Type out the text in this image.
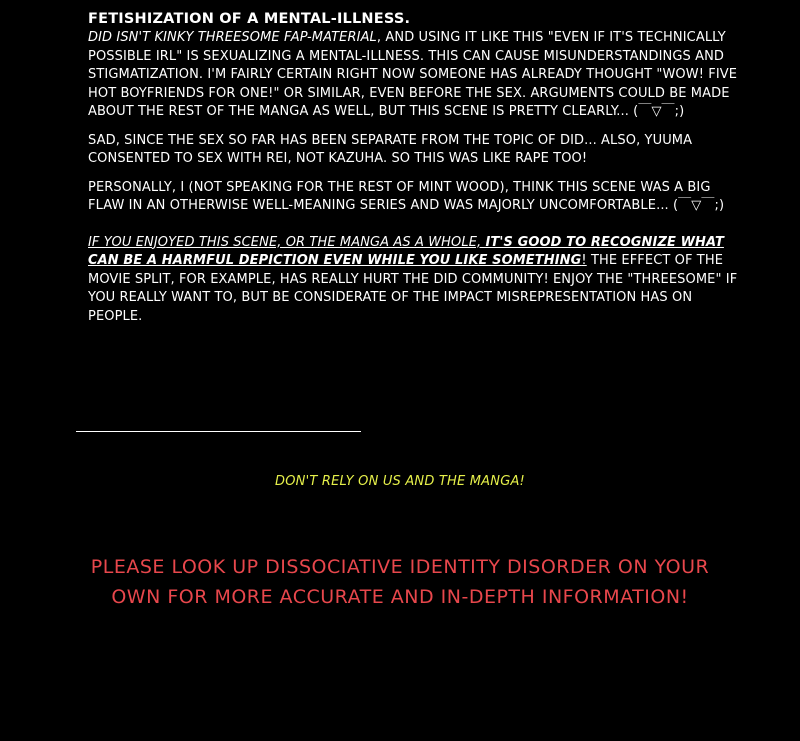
FETISHIZATION OF A MENTAL-ILLNESS.

DID ISN'T KINKY THREESOME FAP-MATERIAL, AND USING IT LIKE THIS "EVEN IF IT'S TECHNICALLY POSSIBLE IRL" IS SEXUALIZING A MENTAL-ILLNESS. THIS CAN CAUSE MISUNDERSTANDINGS AND STIGMATIZATION. I'M FAIRLY CERTAIN RIGHT NOW SOMEONE HAS ALREADY THOUGHT "WOW! FIVE HOT BOYFRIENDS FOR ONE!" OR SIMILAR, EVEN BEFORE THE SEX. ARGUMENTS COULD BE MADE ABOUT THE REST OF THE MANGA AS WELL, BUT THIS SCENE IS PRETTY CLEARLY... (￣▽￣;)

SAD, SINCE THE SEX SO FAR HAS BEEN SEPARATE FROM THE TOPIC OF DID... ALSO, YUUMA CONSENTED TO SEX WITH REI, NOT KAZUHA. SO THIS WAS LIKE RAPE TOO!

PERSONALLY, I (NOT SPEAKING FOR THE REST OF MINT WOOD), THINK THIS SCENE WAS A BIG FLAW IN AN OTHERWISE WELL-MEANING SERIES AND WAS MAJORLY UNCOMFORTABLE... (￣▽￣;)

IF YOU ENJOYED THIS SCENE, OR THE MANGA AS A WHOLE, IT'S GOOD TO RECOGNIZE WHAT CAN BE A HARMFUL DEPICTION EVEN WHILE YOU LIKE SOMETHING! THE EFFECT OF THE MOVIE SPLIT, FOR EXAMPLE, HAS REALLY HURT THE DID COMMUNITY! ENJOY THE "THREESOME" IF YOU REALLY WANT TO, BUT BE CONSIDERATE OF THE IMPACT MISREPRESENTATION HAS ON PEOPLE.

DON'T RELY ON US AND THE MANGA!
PLEASE LOOK UP DISSOCIATIVE IDENTITY DISORDER ON YOUR OWN FOR MORE ACCURATE AND IN-DEPTH INFORMATION!
